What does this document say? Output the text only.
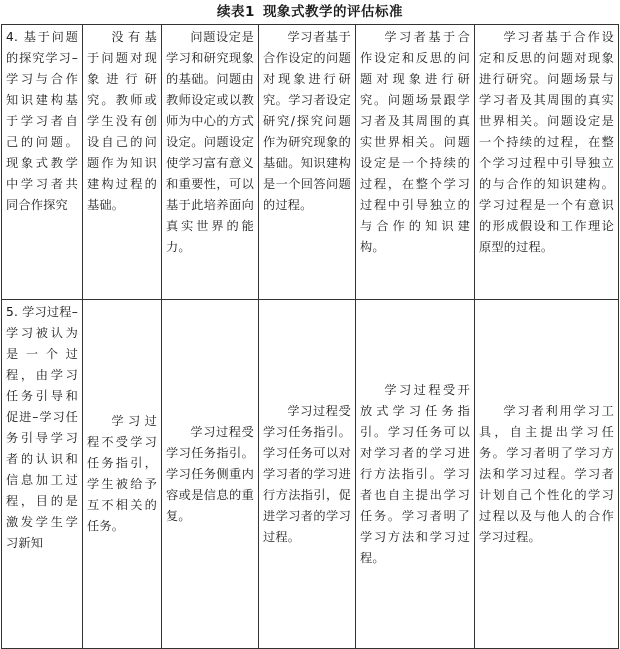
续表1 现象式教学的评估标准
4. 基于问题的探究学习–学习与合作知识建构基于学习者自己的问题。现象式教学中学习者共同合作探究	没有基于问题对现象进行研究。教师或学生没有创设自己的问题作为知识建构过程的基础。	问题设定是学习和研究现象的基础。问题由教师设定或以教师为中心的方式设定。问题设定使学习富有意义和重要性，可以基于此培养面向真实世界的能力。	学习者基于合作设定的问题对现象进行研究。学习者设定研究/探究问题作为研究现象的基础。知识建构是一个回答问题的过程。	学习者基于合作设定和反思的问题对现象进行研究。问题场景跟学习者及其周围的真实世界相关。问题设定是一个持续的过程，在整个学习过程中引导独立的与合作的知识建构。	学习者基于合作设定和反思的问题对现象进行研究。问题场景与学习者及其周围的真实世界相关。问题设定是一个持续的过程，在整个学习过程中引导独立的与合作的知识建构。学习过程是一个有意识的形成假设和工作理论原型的过程。

5. 学习过程–学习被认为是一个过程，由学习任务引导和促进–学习任务引导学习者的认识和信息加工过程，目的是激发学生学习新知	学习过程不受学习任务指引，学生被给予互不相关的任务。	学习过程受学习任务指引。学习任务侧重内容或是信息的重复。	学习过程受学习任务指引。学习任务可以对学习者的学习进行方法指引，促进学习者的学习过程。	学习过程受开放式学习任务指引。学习任务可以对学习者的学习进行方法指引。学习者也自主提出学习任务。学习者明了学习方法和学习过程。	学习者利用学习工具，自主提出学习任务。学习者明了学习方法和学习过程。学习者计划自己个性化的学习过程以及与他人的合作学习过程。
